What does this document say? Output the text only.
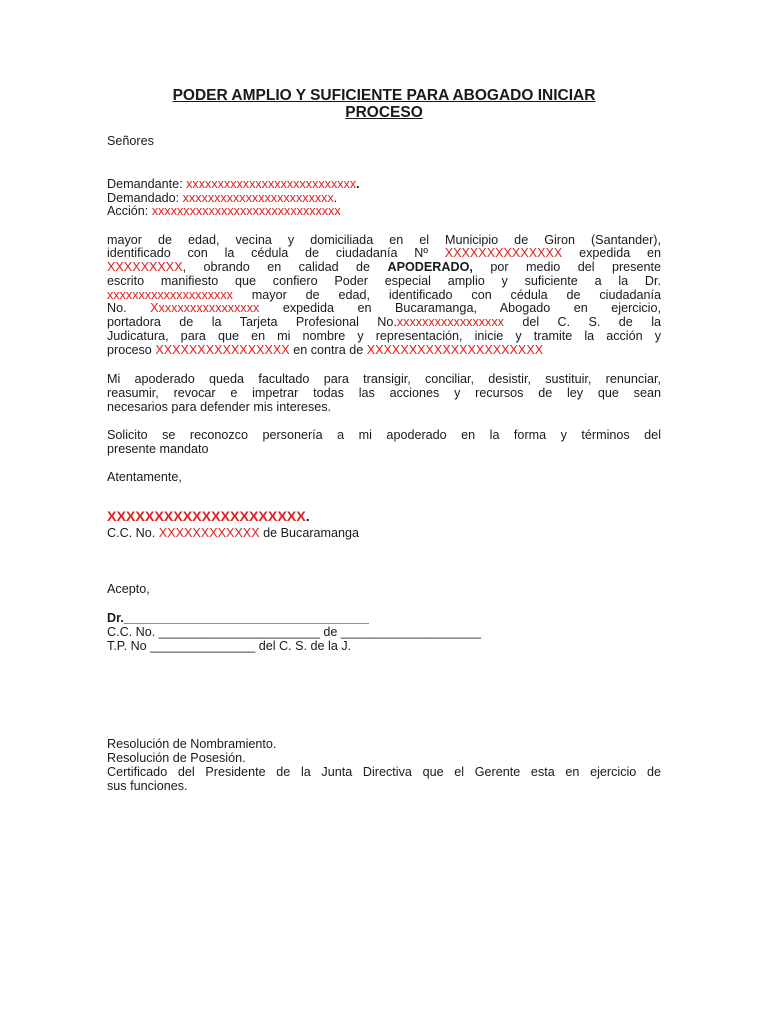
PODER AMPLIO Y SUFICIENTE PARA ABOGADO INICIAR
PROCESO
Señores
Demandante: xxxxxxxxxxxxxxxxxxxxxxxxxxx.
Demandado: xxxxxxxxxxxxxxxxxxxxxxxx.
Acción: xxxxxxxxxxxxxxxxxxxxxxxxxxxxxx
mayor de edad, vecina y domiciliada en el Municipio de Giron (Santander),
identificado con la cédula de ciudadanía Nº XXXXXXXXXXXXXX expedida en
XXXXXXXXX, obrando en calidad de APODERADO, por medio del presente
escrito manifiesto que confiero Poder especial amplio y suficiente a la Dr.
xxxxxxxxxxxxxxxxxxxx mayor de edad, identificado con cédula de ciudadanía
No. Xxxxxxxxxxxxxxxxx expedida en Bucaramanga, Abogado en ejercicio,
portadora de la Tarjeta Profesional No.xxxxxxxxxxxxxxxxx del C. S. de la
Judicatura, para que en mi nombre y representación, inicie y tramite la acción y
proceso XXXXXXXXXXXXXXXX en contra de XXXXXXXXXXXXXXXXXXXXX
Mi apoderado queda facultado para transigir, conciliar, desistir, sustituir, renunciar,
reasumir, revocar e impetrar todas las acciones y recursos de ley que sean
necesarios para defender mis intereses.
Solicito se reconozco personería a mi apoderado en la forma y términos del
presente mandato
Atentamente,
XXXXXXXXXXXXXXXXXXXXX.
C.C. No. XXXXXXXXXXXX de Bucaramanga
Acepto,
Dr.___________________________________
C.C. No. _______________________ de ____________________
T.P. No _______________ del C. S. de la J.
Resolución de Nombramiento.
Resolución de Posesión.
Certificado del Presidente de la Junta Directiva que el Gerente esta en ejercicio de
sus funciones.
